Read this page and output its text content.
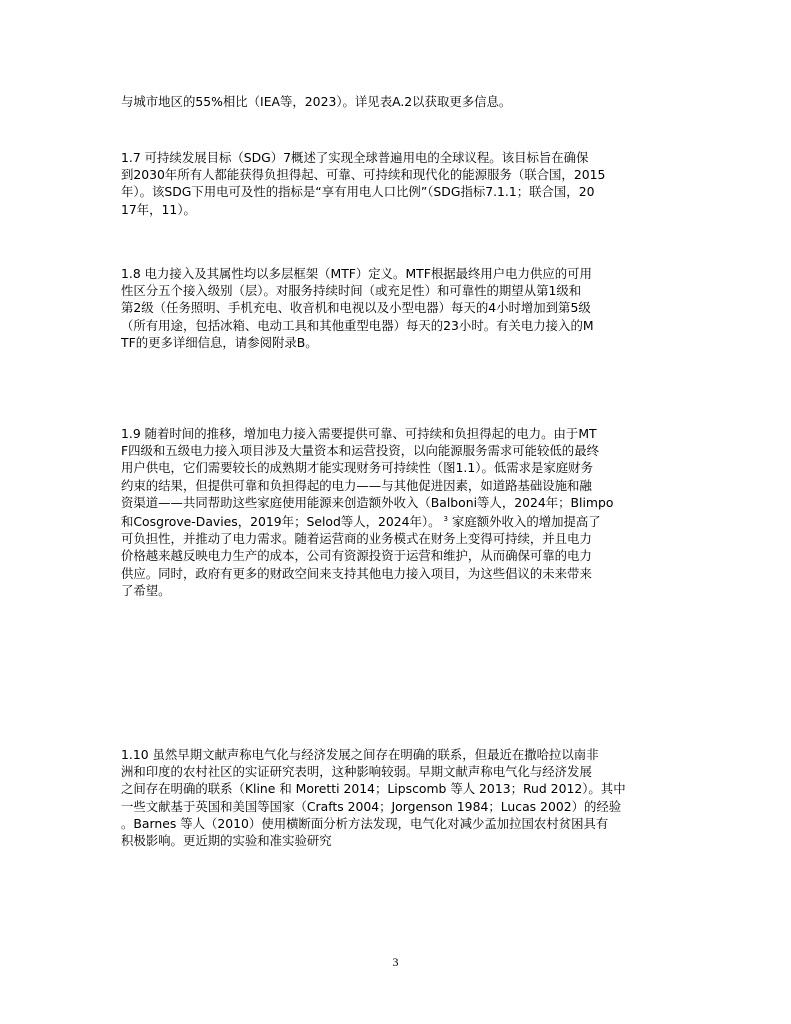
与城市地区的55%相比（IEA等，2023）。详见表A.2以获取更多信息。

1.7 可持续发展目标（SDG）7概述了实现全球普遍用电的全球议程。该目标旨在确保
到2030年所有人都能获得负担得起、可靠、可持续和现代化的能源服务（联合国，2015
年）。该SDG下用电可及性的指标是“享有用电人口比例”（SDG指标7.1.1；联合国，20
17年，11）。

1.8 电力接入及其属性均以多层框架（MTF）定义。MTF根据最终用户电力供应的可用
性区分五个接入级别（层）。对服务持续时间（或充足性）和可靠性的期望从第1级和
第2级（任务照明、手机充电、收音机和电视以及小型电器）每天的4小时增加到第5级
（所有用途，包括冰箱、电动工具和其他重型电器）每天的23小时。有关电力接入的M
TF的更多详细信息，请参阅附录B。

1.9 随着时间的推移，增加电力接入需要提供可靠、可持续和负担得起的电力。由于MT
F四级和五级电力接入项目涉及大量资本和运营投资，以向能源服务需求可能较低的最终
用户供电，它们需要较长的成熟期才能实现财务可持续性（图1.1）。低需求是家庭财务
约束的结果，但提供可靠和负担得起的电力——与其他促进因素，如道路基础设施和融
资渠道——共同帮助这些家庭使用能源来创造额外收入（Balboni等人，2024年；Blimpo
和Cosgrove-Davies，2019年；Selod等人，2024年）。 $^3$ 家庭额外收入的增加提高了
可负担性，并推动了电力需求。随着运营商的业务模式在财务上变得可持续，并且电力
价格越来越反映电力生产的成本，公司有资源投资于运营和维护，从而确保可靠的电力
供应。同时，政府有更多的财政空间来支持其他电力接入项目，为这些倡议的未来带来
了希望。

1.10 虽然早期文献声称电气化与经济发展之间存在明确的联系，但最近在撒哈拉以南非
洲和印度的农村社区的实证研究表明，这种影响较弱。早期文献声称电气化与经济发展
之间存在明确的联系（Kline 和 Moretti 2014；Lipscomb 等人 2013；Rud 2012）。其中
一些文献基于英国和美国等国家（Crafts 2004；Jorgenson 1984；Lucas 2002）的经验
。Barnes 等人（2010）使用横断面分析方法发现，电气化对减少孟加拉国农村贫困具有
积极影响。更近期的实验和准实验研究

3
